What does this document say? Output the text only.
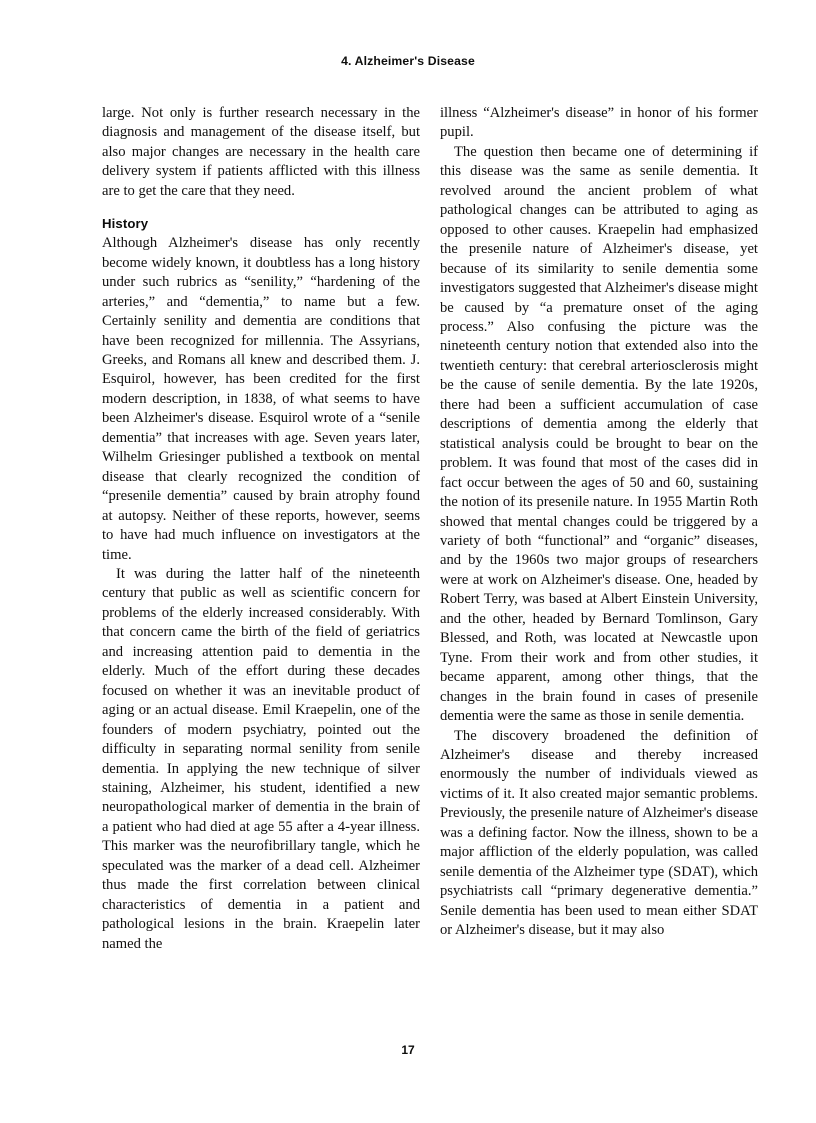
4. Alzheimer's Disease

large. Not only is further research necessary in the diagnosis and management of the disease itself, but also major changes are necessary in the health care delivery system if patients afflicted with this illness are to get the care that they need.

History

Although Alzheimer's disease has only recently become widely known, it doubtless has a long history under such rubrics as “senility,” “hardening of the arteries,” and “dementia,” to name but a few. Certainly senility and dementia are conditions that have been recognized for millennia. The Assyrians, Greeks, and Romans all knew and described them. J. Esquirol, however, has been credited for the first modern description, in 1838, of what seems to have been Alzheimer's disease. Esquirol wrote of a “senile dementia” that increases with age. Seven years later, Wilhelm Griesinger published a textbook on mental disease that clearly recognized the condition of “presenile dementia” caused by brain atrophy found at autopsy. Neither of these reports, however, seems to have had much influence on investigators at the time.

It was during the latter half of the nineteenth century that public as well as scientific concern for problems of the elderly increased considerably. With that concern came the birth of the field of geriatrics and increasing attention paid to dementia in the elderly. Much of the effort during these decades focused on whether it was an inevitable product of aging or an actual disease. Emil Kraepelin, one of the founders of modern psychiatry, pointed out the difficulty in separating normal senility from senile dementia. In applying the new technique of silver staining, Alzheimer, his student, identified a new neuropathological marker of dementia in the brain of a patient who had died at age 55 after a 4-year illness. This marker was the neurofibrillary tangle, which he speculated was the marker of a dead cell. Alzheimer thus made the first correlation between clinical characteristics of dementia in a patient and pathological lesions in the brain. Kraepelin later named the

illness “Alzheimer's disease” in honor of his former pupil.

The question then became one of determining if this disease was the same as senile dementia. It revolved around the ancient problem of what pathological changes can be attributed to aging as opposed to other causes. Kraepelin had emphasized the presenile nature of Alzheimer's disease, yet because of its similarity to senile dementia some investigators suggested that Alzheimer's disease might be caused by “a premature onset of the aging process.” Also confusing the picture was the nineteenth century notion that extended also into the twentieth century: that cerebral arteriosclerosis might be the cause of senile dementia. By the late 1920s, there had been a sufficient accumulation of case descriptions of dementia among the elderly that statistical analysis could be brought to bear on the problem. It was found that most of the cases did in fact occur between the ages of 50 and 60, sustaining the notion of its presenile nature. In 1955 Martin Roth showed that mental changes could be triggered by a variety of both “functional” and “organic” diseases, and by the 1960s two major groups of researchers were at work on Alzheimer's disease. One, headed by Robert Terry, was based at Albert Einstein University, and the other, headed by Bernard Tomlinson, Gary Blessed, and Roth, was located at Newcastle upon Tyne. From their work and from other studies, it became apparent, among other things, that the changes in the brain found in cases of presenile dementia were the same as those in senile dementia.

The discovery broadened the definition of Alzheimer's disease and thereby increased enormously the number of individuals viewed as victims of it. It also created major semantic problems. Previously, the presenile nature of Alzheimer's disease was a defining factor. Now the illness, shown to be a major affliction of the elderly population, was called senile dementia of the Alzheimer type (SDAT), which psychiatrists call “primary degenerative dementia.” Senile dementia has been used to mean either SDAT or Alzheimer's disease, but it may also

17
